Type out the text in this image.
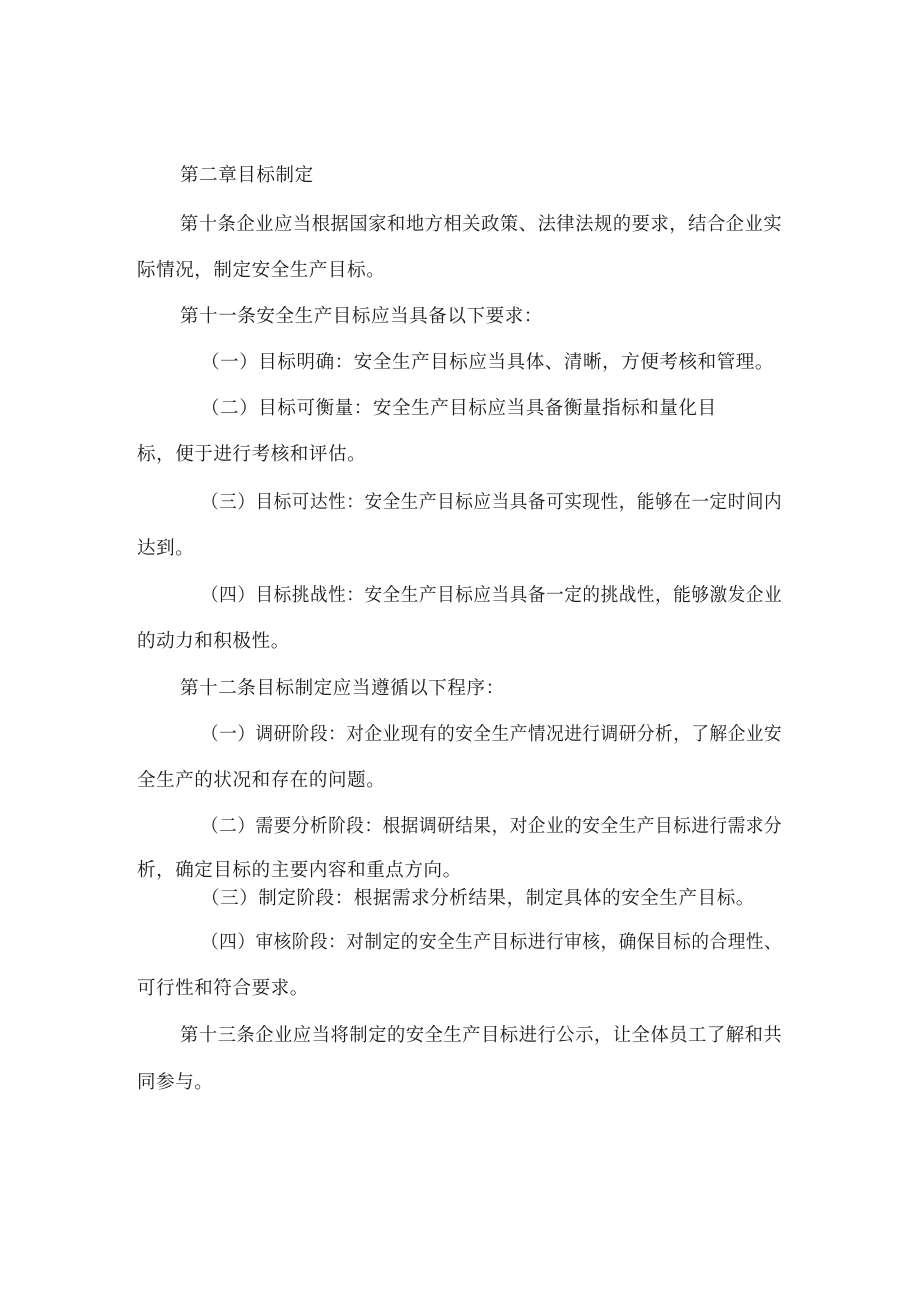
第二章目标制定
第十条企业应当根据国家和地方相关政策、法律法规的要求，结合企业实
际情况，制定安全生产目标。
第十一条安全生产目标应当具备以下要求：
（一）目标明确：安全生产目标应当具体、清晰，方便考核和管理。
（二）目标可衡量：安全生产目标应当具备衡量指标和量化目
标，便于进行考核和评估。
（三）目标可达性：安全生产目标应当具备可实现性，能够在一定时间内
达到。
（四）目标挑战性：安全生产目标应当具备一定的挑战性，能够激发企业
的动力和积极性。
第十二条目标制定应当遵循以下程序：
（一）调研阶段：对企业现有的安全生产情况进行调研分析，了解企业安
全生产的状况和存在的问题。
（二）需要分析阶段：根据调研结果，对企业的安全生产目标进行需求分
析，确定目标的主要内容和重点方向。
（三）制定阶段：根据需求分析结果，制定具体的安全生产目标。
（四）审核阶段：对制定的安全生产目标进行审核，确保目标的合理性、
可行性和符合要求。
第十三条企业应当将制定的安全生产目标进行公示，让全体员工了解和共
同参与。
